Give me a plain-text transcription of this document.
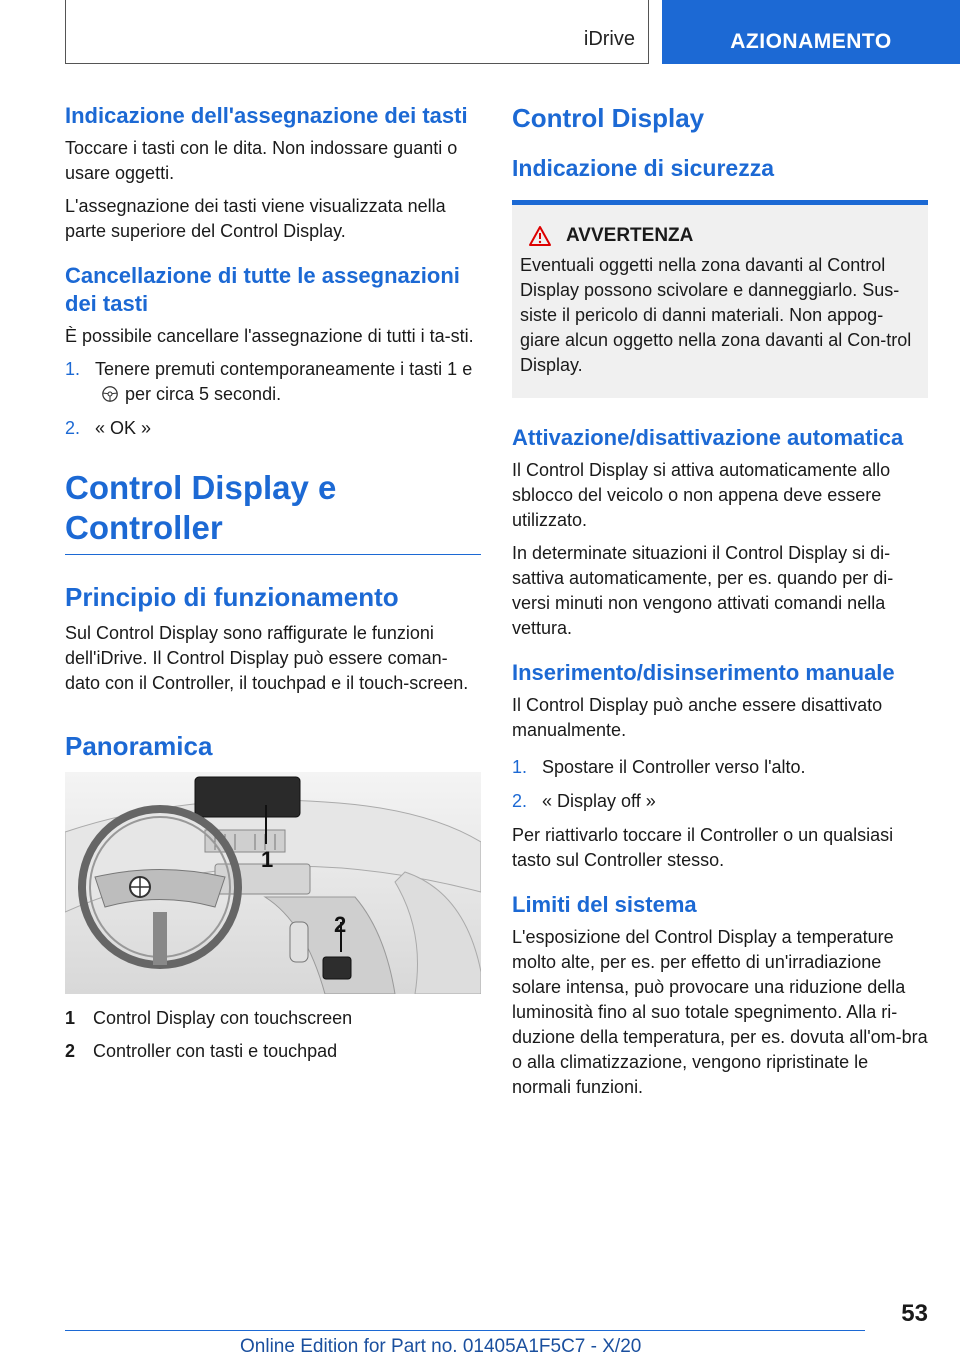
iDrive	AZIONAMENTO
Indicazione dell'assegnazione dei tasti

Toccare i tasti con le dita. Non indossare guanti o usare oggetti.

L'assegnazione dei tasti viene visualizzata nella parte superiore del Control Display.

Cancellazione di tutte le assegnazioni dei tasti

È possibile cancellare l'assegnazione di tutti i ta-sti.

1. Tenere premuti contemporaneamente i tasti 1 eper circa 5 secondi.
2. « OK »
Control Display e Controller
Principio di funzionamento

Sul Control Display sono raffigurate le funzioni dell'iDrive. Il Control Display può essere coman-dato con il Controller, il touchpad e il touch-screen.

Panoramica
1
2
1 Control Display con touchscreen
2 Controller con tasti e touchpad
Control Display
Indicazione di sicurezza
AVVERTENZA

Eventuali oggetti nella zona davanti al Control Display possono scivolare e danneggiarlo. Sus-siste il pericolo di danni materiali. Non appog-giare alcun oggetto nella zona davanti al Con-trol Display.

Attivazione/disattivazione automatica

Il Control Display si attiva automaticamente allo sblocco del veicolo o non appena deve essere utilizzato.

In determinate situazioni il Control Display si di-sattiva automaticamente, per es. quando per di-versi minuti non vengono attivati comandi nella vettura.

Inserimento/disinserimento manuale

Il Control Display può anche essere disattivato manualmente.

1. Spostare il Controller verso l'alto.
2. « Display off »

Per riattivarlo toccare il Controller o un qualsiasi tasto sul Controller stesso.

Limiti del sistema

L'esposizione del Control Display a temperature molto alte, per es. per effetto di un'irradiazione solare intensa, può provocare una riduzione della luminosità fino al suo totale spegnimento. Alla ri-duzione della temperatura, per es. dovuta all'om-bra o alla climatizzazione, vengono ripristinate le normali funzioni.

53
Online Edition for Part no. 01405A1F5C7 - X/20
